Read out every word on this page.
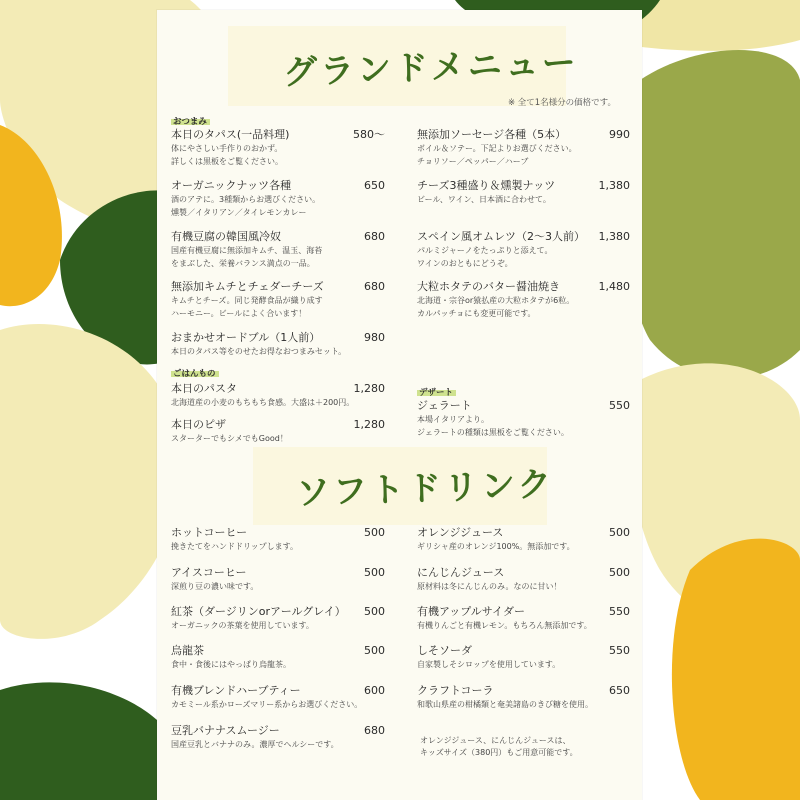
グランドメニュー
※ 全て1名様分の価格です。
おつまみ
本日のタパス(一品料理)	580〜
体にやさしい手作りのおかず。
詳しくは黒板をご覧ください。
オーガニックナッツ各種	650
酒のアテに。3種類からお選びください。
燻製／イタリアン／タイレモンカレー
有機豆腐の韓国風冷奴	680
国産有機豆腐に無添加キムチ、温玉、海苔
をまぶした、栄養バランス満点の一品。
無添加キムチとチェダーチーズ	680
キムチとチーズ。同じ発酵食品が織り成す
ハーモニー。ビールによく合います！
おまかせオードブル（1人前）	980
本日のタパス等をのせたお得なおつまみセット。
無添加ソーセージ各種（5本）	990
ボイル＆ソテー。下記よりお選びください。
チョリソー／ペッパー／ハーブ
チーズ3種盛り＆燻製ナッツ	1,380
ビール、ワイン、日本酒に合わせて。
スペイン風オムレツ（2〜3人前）	1,380
パルミジャーノをたっぷりと添えて。
ワインのおともにどうぞ。
大粒ホタテのバター醤油焼き	1,480
北海道・宗谷or猿払産の大粒ホタテが6粒。
カルパッチョにも変更可能です。
ごはんもの
本日のパスタ	1,280
北海道産の小麦のもちもち食感。大盛は＋200円。
本日のピザ	1,280
スターターでもシメでもGood！
デザート
ジェラート	550
本場イタリアより。
ジェラートの種類は黒板をご覧ください。
ソフトドリンク
ホットコーヒー	500
挽きたてをハンドドリップします。
アイスコーヒー	500
深煎り豆の濃い味です。
紅茶（ダージリンorアールグレイ）	500
オーガニックの茶葉を使用しています。
烏龍茶	500
食中・食後にはやっぱり烏龍茶。
有機ブレンドハーブティー	600
カモミール系かローズマリー系からお選びください。
豆乳バナナスムージー	680
国産豆乳とバナナのみ。濃厚でヘルシーです。
オレンジジュース	500
ギリシャ産のオレンジ100%。無添加です。
にんじんジュース	500
原材料は冬にんじんのみ。なのに甘い！
有機アップルサイダー	550
有機りんごと有機レモン。もちろん無添加です。
しそソーダ	550
自家製しそシロップを使用しています。
クラフトコーラ	650
和歌山県産の柑橘類と奄美諸島のきび糖を使用。
オレンジジュース、にんじんジュースは、
キッズサイズ（380円）もご用意可能です。
